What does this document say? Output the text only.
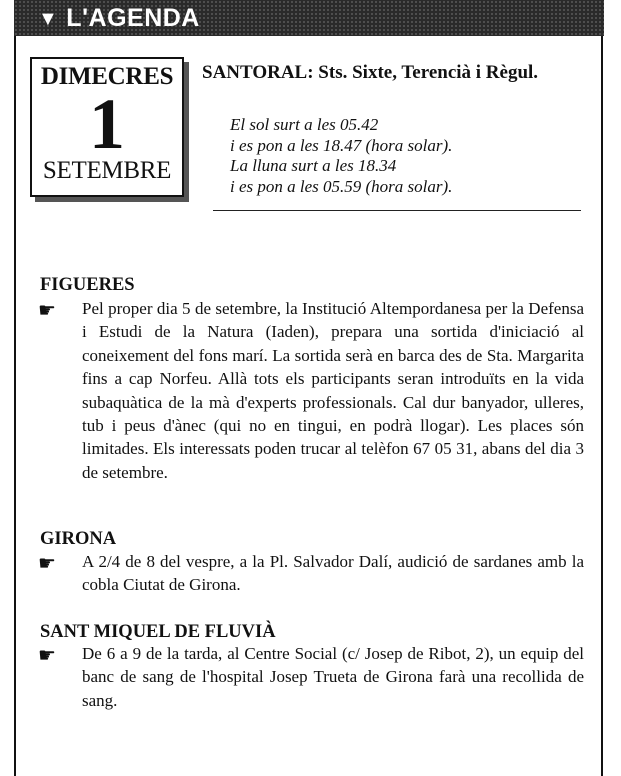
▼ L'AGENDA
DIMECRES
1
SETEMBRE
SANTORAL: Sts. Sixte, Terencià i Règul.
El sol surt a les 05.42
i es pon a les 18.47 (hora solar).
La lluna surt a les 18.34
i es pon a les 05.59 (hora solar).
FIGUERES
☛ Pel proper dia 5 de setembre, la Institució Altempordanesa per la Defensa i Estudi de la Natura (Iaden), prepara una sortida d'iniciació al coneixement del fons marí. La sortida serà en barca des de Sta. Margarita fins a cap Norfeu. Allà tots els participants seran introduïts en la vida subaquàtica de la mà d'experts professionals. Cal dur banyador, ulleres, tub i peus d'ànec (qui no en tingui, en podrà llogar). Les places són limitades. Els interessats poden trucar al telèfon 67 05 31, abans del dia 3 de setembre.
GIRONA
☛ A 2/4 de 8 del vespre, a la Pl. Salvador Dalí, audició de sardanes amb la cobla Ciutat de Girona.
SANT MIQUEL DE FLUVIÀ
☛ De 6 a 9 de la tarda, al Centre Social (c/ Josep de Ribot, 2), un equip del banc de sang de l'hospital Josep Trueta de Girona farà una recollida de sang.
